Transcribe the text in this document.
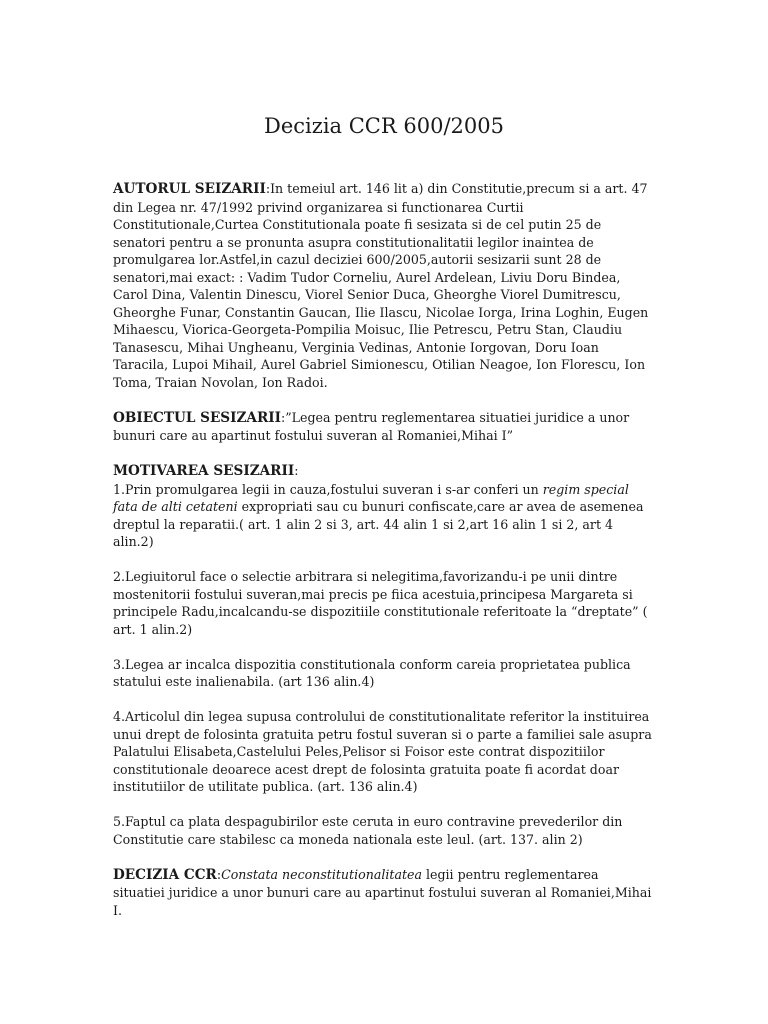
Decizia CCR 600/2005

AUTORUL SEIZARII:In temeiul art. 146 lit a) din Constitutie,precum si a art. 47 din Legea nr. 47/1992 privind organizarea si functionarea Curtii Constitutionale,Curtea Constitutionala poate fi sesizata si de cel putin 25 de senatori pentru a se pronunta asupra constitutionalitatii legilor inaintea de promulgarea lor.Astfel,in cazul deciziei 600/2005,autorii sesizarii sunt 28 de senatori,mai exact: : Vadim Tudor Corneliu, Aurel Ardelean, Liviu Doru Bindea, Carol Dina, Valentin Dinescu, Viorel Senior Duca, Gheorghe Viorel Dumitrescu, Gheorghe Funar, Constantin Gaucan, Ilie Ilascu, Nicolae Iorga, Irina Loghin, Eugen Mihaescu, Viorica-Georgeta-Pompilia Moisuc, Ilie Petrescu, Petru Stan, Claudiu Tanasescu, Mihai Ungheanu, Verginia Vedinas, Antonie Iorgovan, Doru Ioan Taracila, Lupoi Mihail, Aurel Gabriel Simionescu, Otilian Neagoe, Ion Florescu, Ion Toma, Traian Novolan, Ion Radoi.

OBIECTUL SESIZARII:”Legea pentru reglementarea situatiei juridice a unor bunuri care au apartinut fostului suveran al Romaniei,Mihai I”

MOTIVAREA SESIZARII:

1.Prin promulgarea legii in cauza,fostului suveran i s-ar conferi un regim special fata de alti cetateni expropriati sau cu bunuri confiscate,care ar avea de asemenea dreptul la reparatii.( art. 1 alin 2 si 3, art. 44 alin 1 si 2,art 16 alin 1 si 2, art 4 alin.2)

2.Legiuitorul face o selectie arbitrara si nelegitima,favorizandu-i pe unii dintre mostenitorii fostului suveran,mai precis pe fiica acestuia,principesa Margareta si principele Radu,incalcandu-se dispozitiile constitutionale referitoate la “dreptate” ( art. 1 alin.2)

3.Legea ar incalca dispozitia constitutionala conform careia proprietatea publica statului este inalienabila. (art 136 alin.4)

4.Articolul din legea supusa controlului de constitutionalitate referitor la instituirea unui drept de folosinta gratuita petru fostul suveran si o parte a familiei sale asupra Palatului Elisabeta,Castelului Peles,Pelisor si Foisor este contrat dispozitiilor constitutionale deoarece acest drept de folosinta gratuita poate fi acordat doar institutiilor de utilitate publica. (art. 136 alin.4)

5.Faptul ca plata despagubirilor este ceruta in euro contravine prevederilor din Constitutie care stabilesc ca moneda nationala este leul. (art. 137. alin 2)

DECIZIA CCR:Constata neconstitutionalitatea legii pentru reglementarea situatiei juridice a unor bunuri care au apartinut fostului suveran al Romaniei,Mihai I.
